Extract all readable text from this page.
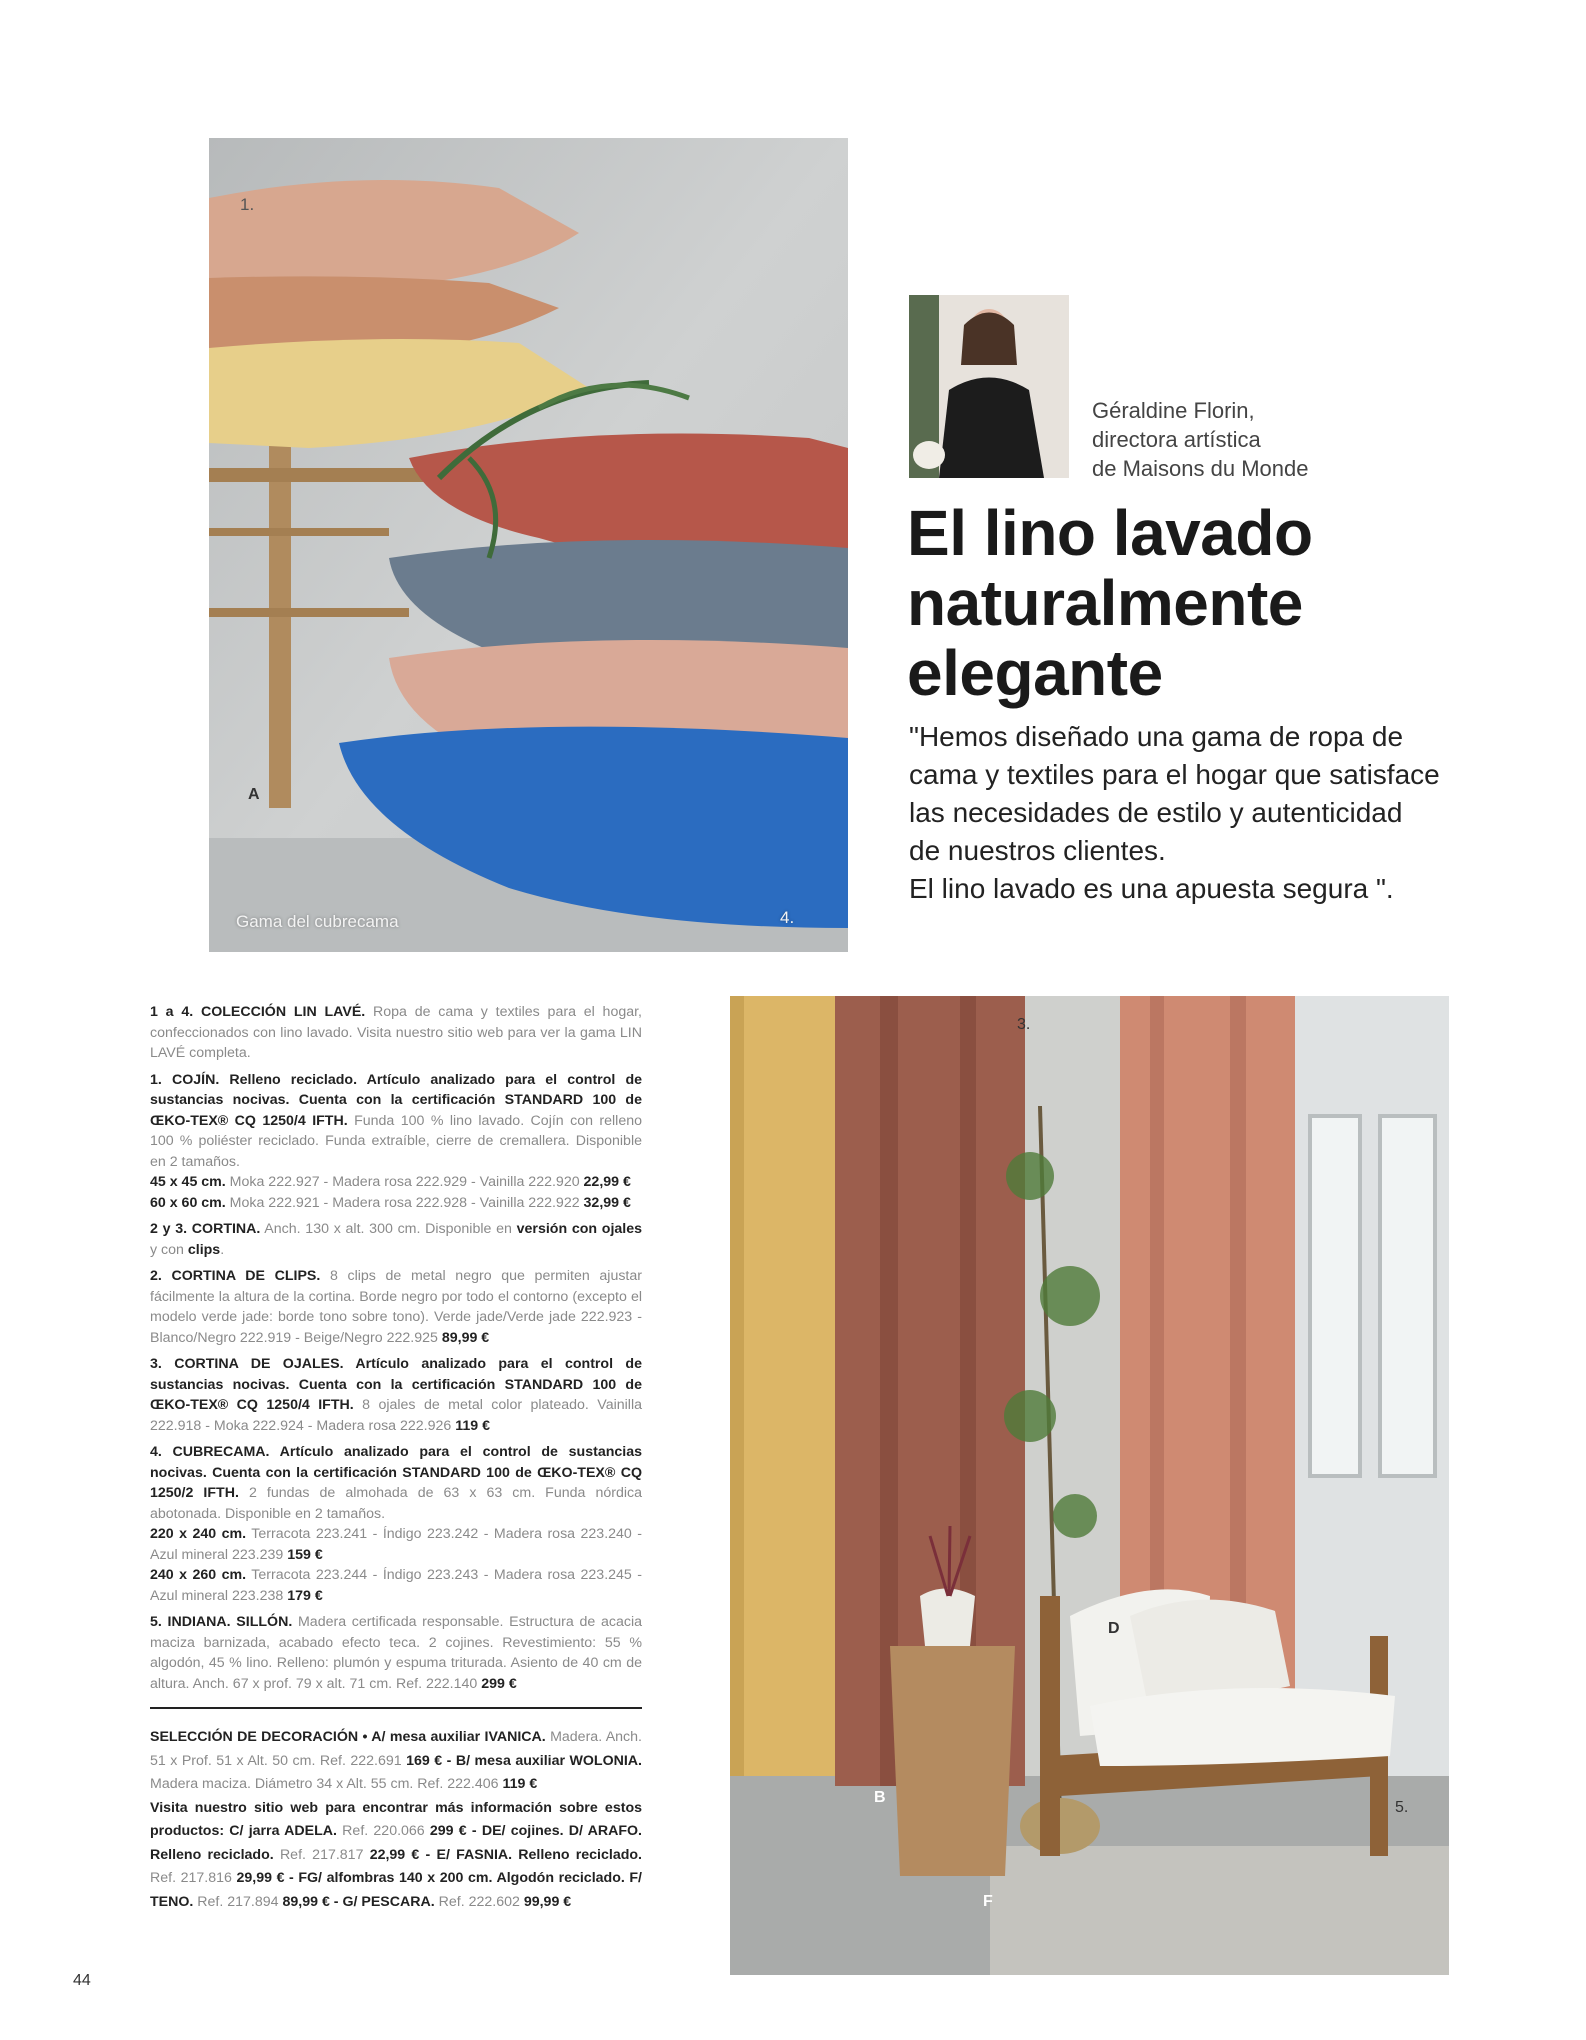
1.
A
Gama del cubrecama	4.
Géraldine Florin,
directora artística
de Maisons du Monde
El lino lavado
naturalmente
elegante
"Hemos diseñado una gama de ropa de
cama y textiles para el hogar que satisface
las necesidades de estilo y autenticidad
de nuestros clientes.
El lino lavado es una apuesta segura ".

1 a 4. COLECCIÓN LIN LAVÉ. Ropa de cama y textiles para el hogar, confeccionados con lino lavado. Visita nuestro sitio web para ver la gama LIN LAVÉ completa.

1. COJÍN. Relleno reciclado. Artículo analizado para el control de sustancias nocivas. Cuenta con la certificación STANDARD 100 de ŒKO-TEX® CQ 1250/4 IFTH. Funda 100 % lino lavado. Cojín con relleno 100 % poliéster reciclado. Funda extraíble, cierre de cremallera. Disponible en 2 tamaños.
45 x 45 cm. Moka 222.927 - Madera rosa 222.929 - Vainilla 222.920 22,99 €
60 x 60 cm. Moka 222.921 - Madera rosa 222.928 - Vainilla 222.922 32,99 €

2 y 3. CORTINA. Anch. 130 x alt. 300 cm. Disponible en versión con ojales y con clips.

2. CORTINA DE CLIPS. 8 clips de metal negro que permiten ajustar fácilmente la altura de la cortina. Borde negro por todo el contorno (excepto el modelo verde jade: borde tono sobre tono). Verde jade/Verde jade 222.923 - Blanco/Negro 222.919 - Beige/Negro 222.925 89,99 €

3. CORTINA DE OJALES. Artículo analizado para el control de sustancias nocivas. Cuenta con la certificación STANDARD 100 de ŒKO-TEX® CQ 1250/4 IFTH. 8 ojales de metal color plateado. Vainilla 222.918 - Moka 222.924 - Madera rosa 222.926 119 €

4. CUBRECAMA. Artículo analizado para el control de sustancias nocivas. Cuenta con la certificación STANDARD 100 de ŒKO-TEX® CQ 1250/2 IFTH. 2 fundas de almohada de 63 x 63 cm. Funda nórdica abotonada. Disponible en 2 tamaños.
220 x 240 cm. Terracota 223.241 - Índigo 223.242 - Madera rosa 223.240 - Azul mineral 223.239 159 €
240 x 260 cm. Terracota 223.244 - Índigo 223.243 - Madera rosa 223.245 - Azul mineral 223.238 179 €

5. INDIANA. SILLÓN. Madera certificada responsable. Estructura de acacia maciza barnizada, acabado efecto teca. 2 cojines. Revestimiento: 55 % algodón, 45 % lino. Relleno: plumón y espuma triturada. Asiento de 40 cm de altura. Anch. 67 x prof. 79 x alt. 71 cm. Ref. 222.140 299 €

SELECCIÓN DE DECORACIÓN • A/ mesa auxiliar IVANICA. Madera. Anch. 51 x Prof. 51 x Alt. 50 cm. Ref. 222.691 169 € - B/ mesa auxiliar WOLONIA. Madera maciza. Diámetro 34 x Alt. 55 cm. Ref. 222.406 119 €

Visita nuestro sitio web para encontrar más información sobre estos productos: C/ jarra ADELA. Ref. 220.066 299 € - DE/ cojines. D/ ARAFO. Relleno reciclado. Ref. 217.817 22,99 € - E/ FASNIA. Relleno reciclado. Ref. 217.816 29,99 € - FG/ alfombras 140 x 200 cm. Algodón reciclado. F/ TENO. Ref. 217.894 89,99 € - G/ PESCARA. Ref. 222.602 99,99 €

3.
D
B
5.
F
44
